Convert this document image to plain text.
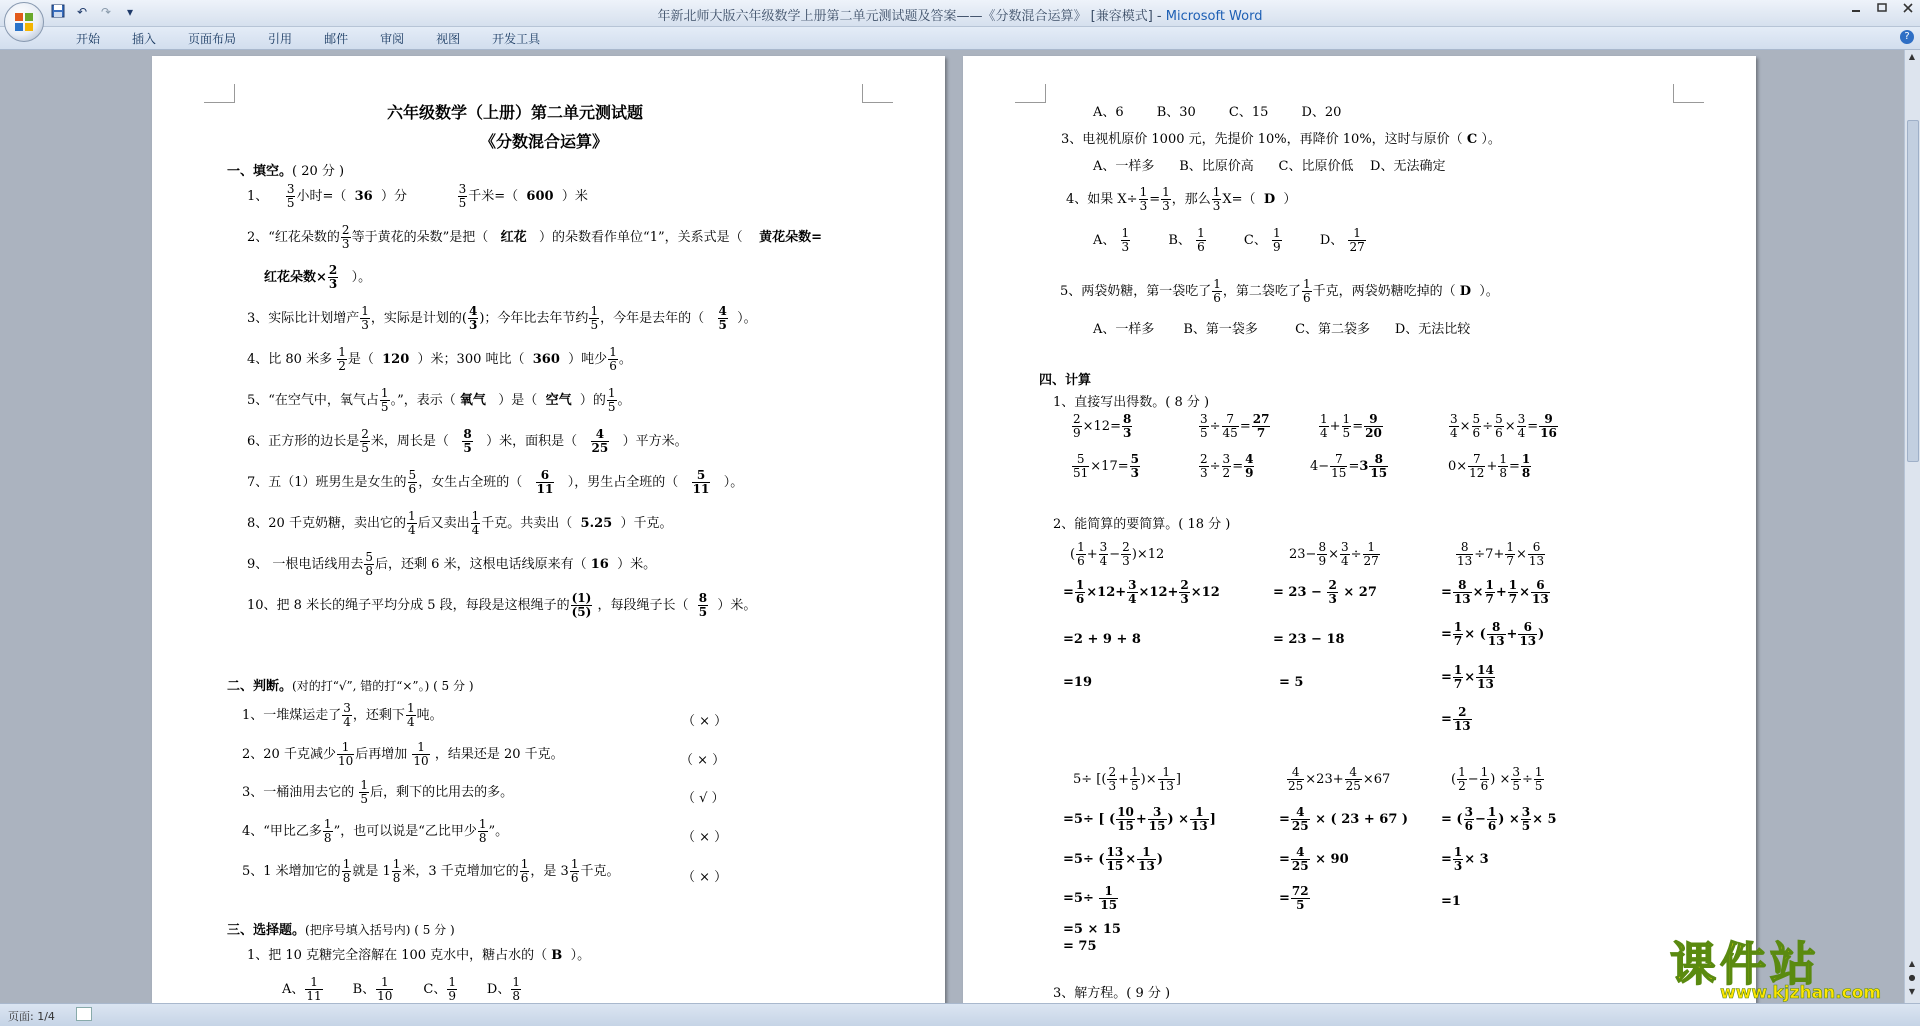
↶ ↷	▾	年新北师大版六年级数学上册第二单元测试题及答案——《分数混合运算》 [兼容模式] - Microsoft Word
开始	插入	页面布局	引用	邮件	审阅	视图	开发工具	?
六年级数学（上册）第二单元测试题
《分数混合运算》
一、填空。( 20 分 )
1、 $\frac{3}{5}$ 小时=（ 36 ）分	$\frac{3}{5}$ 千米=（ 600 ）米
2、“红花朵数的 $\frac{2}{3}$ 等于黄花的朵数”是把（ 红花 ）的朵数看作单位“1”，关系式是（ 黄花朵数=
红花朵数× $\frac{2}{3}$ ）。
3、实际比计划增产 $\frac{1}{3}$ ，实际是计划的( $\frac{4}{3}$ )；今年比去年节约 $\frac{1}{5}$ ，今年是去年的（ $\frac{4}{5}$ ）。
4、比 80 米多 $\frac{1}{2}$ 是（ 120 ）米；300 吨比（ 360 ）吨少 $\frac{1}{6}$ 。
5、“在空气中，氧气占 $\frac{1}{5}$ 。”，表示（ 氧气 ）是（ 空气 ）的 $\frac{1}{5}$ 。
6、正方形的边长是 $\frac{2}{5}$ 米，周长是（ $\frac{8}{5}$ ）米，面积是（ $\frac{4}{25}$ ）平方米。
7、五（1）班男生是女生的 $\frac{5}{6}$ ，女生占全班的（ $\frac{6}{11}$ ），男生占全班的（ $\frac{5}{11}$ ）。
8、20 千克奶糖，卖出它的 $\frac{1}{4}$ 后又卖出 $\frac{1}{4}$ 千克。共卖出（ 5.25 ）千克。
9、 一根电话线用去 $\frac{5}{8}$ 后，还剩 6 米，这根电话线原来有（ 16 ）米。
10、把 8 米长的绳子平均分成 5 段，每段是这根绳子的 $\frac{(1)}{(5)}$ ，每段绳子长（ $\frac{8}{5}$ ）米。
二、判断。(对的打“√”, 错的打“×”。) ( 5 分 )
1、一堆煤运走了 $\frac{3}{4}$ ，还剩下 $\frac{1}{4}$ 吨。	（ × ）
2、20 千克减少 $\frac{1}{10}$ 后再增加 $\frac{1}{10}$ ，结果还是 20 千克。	（ × ）
3、一桶油用去它的 $\frac{1}{5}$ 后，剩下的比用去的多。	（ √ ）
4、“甲比乙多 $\frac{1}{8}$ ”，也可以说是“乙比甲少 $\frac{1}{8}$ ”。	（ × ）
5、1 米增加它的 $\frac{1}{8}$ 就是 $1 \frac{1}{8}$ 米，3 千克增加它的 $\frac{1}{6}$ ，是 $3 \frac{1}{6}$ 千克。	（ × ）
三、选择题。(把序号填入括号内) ( 5 分 )
1、把 10 克糖完全溶解在 100 克水中，糖占水的（ B ）。
A、 $\frac{1}{11}$ B、 $\frac{1}{10}$ C、 $\frac{1}{9}$ D、 $\frac{1}{8}$
A、6	B、30	C、15	D、20
3、电视机原价 1000 元，先提价 10%，再降价 10%，这时与原价（ C ）。
A、一样多 B、比原价高 C、比原价低 D、无法确定
4、如果 $X\div \frac{1}{3} = \frac{1}{3}$ ，那么 $\frac{1}{3} X=$（ D ）
A、 $\frac{1}{3}$	B、 $\frac{1}{6}$	C、 $\frac{1}{9}$	D、 $\frac{1}{27}$
5、两袋奶糖，第一袋吃了 $\frac{1}{6}$ ，第二袋吃了 $\frac{1}{6}$ 千克，两袋奶糖吃掉的（ D ）。
A、一样多 B、第一袋多	C、第二袋多 D、无法比较
四、计算
1、直接写出得数。( 8 分 )
$\frac{2}{9} \times 12= \frac{8}{3}$	$\frac{3}{5} \div \frac{7}{45} = \frac{27}{7}$	$\frac{1}{4} + \frac{1}{5} = \frac{9}{20}$	$\frac{3}{4} \times \frac{5}{6} \div \frac{5}{6} \times \frac{3}{4} = \frac{9}{16}$
$\frac{5}{51} \times 17= \frac{5}{3}$	$\frac{2}{3} \div \frac{3}{2} = \frac{4}{9}$	$4- \frac{7}{15} =3 \frac{8}{15}$	$0\times \frac{7}{12} + \frac{1}{8} = \frac{1}{8}$
2、能简算的要简算。( 18 分 )
( $\frac{1}{6} + \frac{3}{4} - \frac{2}{3} )\times 12$
= $\frac{1}{6} \times 12+ \frac{3}{4} \times 12+ \frac{2}{3} \times 12$
=2 + 9 + 8
=19
$23- \frac{8}{9} \times \frac{3}{4} \div \frac{1}{27}$
= $23 - \frac{2}{3} \times 27$
= 23 − 18
= 5
$\frac{8}{13} \div 7+ \frac{1}{7} \times \frac{6}{13}$
= $\frac{8}{13} \times \frac{1}{7} + \frac{1}{7} \times \frac{6}{13}$
= $\frac{1}{7}$ × ( $\frac{8}{13} + \frac{6}{13}$ )
= $\frac{1}{7} \times \frac{14}{13}$
= $\frac{2}{13}$
5÷ [( $\frac{2}{3} + \frac{1}{5}$ )× $\frac{1}{13}$ ]
=5÷ [ ( $\frac{10}{15} + \frac{3}{15}$ ) × $\frac{1}{13}$ ]
=5÷ ( $\frac{13}{15} \times \frac{1}{13}$ )
$=5\div \frac{1}{15}$
=5 × 15
= 75
$\frac{4}{25} \times 23+ \frac{4}{25} \times 67$
= $\frac{4}{25}$ × ( 23 + 67 )
= $\frac{4}{25} \times 90$
= $\frac{72}{5}$
( $\frac{1}{2} - \frac{1}{6}$ ) × $\frac{3}{5} \div \frac{1}{5}$
= ( $\frac{3}{6} - \frac{1}{6}$ ) × $\frac{3}{5} \times 5$
= $\frac{1}{3} \times 3$
=1
3、解方程。( 9 分 )
▲
▲
●
▼
课件站
www.kjzhan.com
页面: 1/4
